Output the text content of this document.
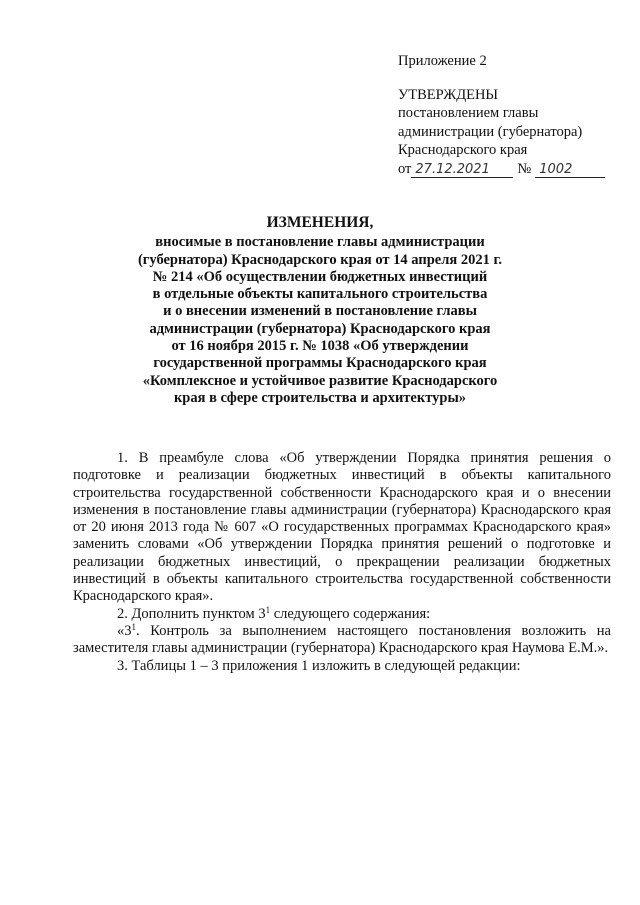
Приложение 2
УТВЕРЖДЕНЫ
постановлением главы
администрации (губернатора)
Краснодарского края
от 27.12.2021 № 1002
ИЗМЕНЕНИЯ,
вносимые в постановление главы администрации
(губернатора) Краснодарского края от 14 апреля 2021 г.
№ 214 «Об осуществлении бюджетных инвестиций
в отдельные объекты капитального строительства
и о внесении изменений в постановление главы
администрации (губернатора) Краснодарского края
от 16 ноября 2015 г. № 1038 «Об утверждении
государственной программы Краснодарского края
«Комплексное и устойчивое развитие Краснодарского
края в сфере строительства и архитектуры»

1. В преамбуле слова «Об утверждении Порядка принятия решения о подготовке и реализации бюджетных инвестиций в объекты капитального строительства государственной собственности Краснодарского края и о внесении изменения в постановление главы администрации (губернатора) Краснодарского края от 20 июня 2013 года № 607 «О государственных программах Краснодарского края» заменить словами «Об утверждении Порядка принятия решений о подготовке и реализации бюджетных инвестиций, о прекращении реализации бюджетных инвестиций в объекты капитального строительства государственной собственности Краснодарского края».

2. Дополнить пунктом $3^1$ следующего содержания:

«$3^1$. Контроль за выполнением настоящего постановления возложить на заместителя главы администрации (губернатора) Краснодарского края Наумова Е.М.».

3. Таблицы 1 – 3 приложения 1 изложить в следующей редакции:
